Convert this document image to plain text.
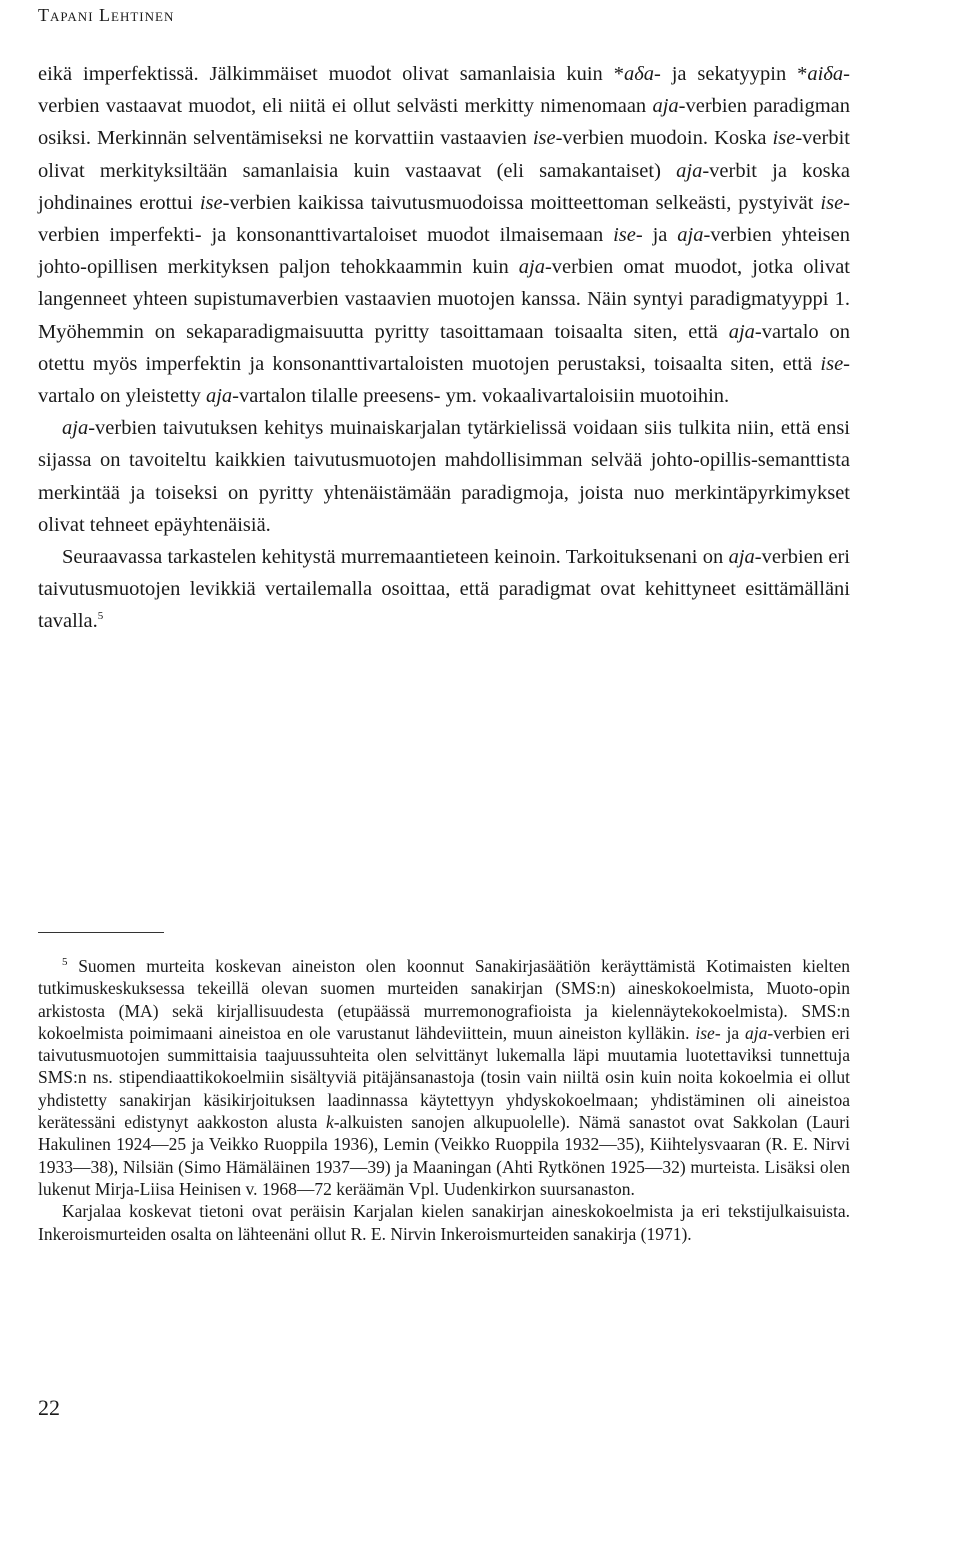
Tapani Lehtinen

eikä imperfektissä. Jälkimmäiset muodot olivat samanlaisia kuin *aδa- ja sekatyypin *aiδa-verbien vastaavat muodot, eli niitä ei ollut selvästi merkitty nimenomaan aja-verbien paradigman osiksi. Merkinnän selventämiseksi ne korvattiin vastaavien ise-verbien muodoin. Koska ise-verbit olivat merkityksiltään samanlaisia kuin vastaavat (eli samakantaiset) aja-verbit ja koska johdinaines erottui ise-verbien kaikissa taivutusmuodoissa moitteettoman selkeästi, pystyivät ise-verbien imperfekti- ja konsonanttivartaloiset muodot ilmaisemaan ise- ja aja-verbien yhteisen johto-opillisen merkityksen paljon tehokkaammin kuin aja-verbien omat muodot, jotka olivat langenneet yhteen supistumaverbien vastaavien muotojen kanssa. Näin syntyi paradigmatyyppi 1. Myöhemmin on sekaparadigmaisuutta pyritty tasoittamaan toisaalta siten, että aja-vartalo on otettu myös imperfektin ja konsonanttivartaloisten muotojen perustaksi, toisaalta siten, että ise-vartalo on yleistetty aja-vartalon tilalle preesens- ym. vokaalivartaloisiin muotoihin.

aja-verbien taivutuksen kehitys muinaiskarjalan tytärkielissä voidaan siis tulkita niin, että ensi sijassa on tavoiteltu kaikkien taivutusmuotojen mahdollisimman selvää johto-opillis-semanttista merkintää ja toiseksi on pyritty yhtenäistämään paradigmoja, joista nuo merkintäpyrkimykset olivat tehneet epäyhtenäisiä.

Seuraavassa tarkastelen kehitystä murremaantieteen keinoin. Tarkoituksenani on aja-verbien eri taivutusmuotojen levikkiä vertailemalla osoittaa, että paradigmat ovat kehittyneet esittämälläni tavalla.$^5$

$^5$ Suomen murteita koskevan aineiston olen koonnut Sanakirjasäätiön keräyttämistä Kotimaisten kielten tutkimuskeskuksessa tekeillä olevan suomen murteiden sanakirjan (SMS:n) aineskokoelmista, Muoto-opin arkistosta (MA) sekä kirjallisuudesta (etupäässä murremonografioista ja kielennäytekokoelmista). SMS:n kokoelmista poimimaani aineistoa en ole varustanut lähdeviittein, muun aineiston kylläkin. ise- ja aja-verbien eri taivutusmuotojen summittaisia taajuussuhteita olen selvittänyt lukemalla läpi muutamia luotettaviksi tunnettuja SMS:n ns. stipendiaattikokoelmiin sisältyviä pitäjänsanastoja (tosin vain niiltä osin kuin noita kokoelmia ei ollut yhdistetty sanakirjan käsikirjoituksen laadinnassa käytettyyn yhdyskokoelmaan; yhdistäminen oli aineistoa kerätessäni edistynyt aakkoston alusta k-alkuisten sanojen alkupuolelle). Nämä sanastot ovat Sakkolan (Lauri Hakulinen 1924—25 ja Veikko Ruoppila 1936), Lemin (Veikko Ruoppila 1932—35), Kiihtelysvaaran (R. E. Nirvi 1933—38), Nilsiän (Simo Hämäläinen 1937—39) ja Maaningan (Ahti Rytkönen 1925—32) murteista. Lisäksi olen lukenut Mirja-Liisa Heinisen v. 1968—72 keräämän Vpl. Uudenkirkon suursanaston.

Karjalaa koskevat tietoni ovat peräisin Karjalan kielen sanakirjan aineskokoelmista ja eri tekstijulkaisuista. Inkeroismurteiden osalta on lähteenäni ollut R. E. Nirvin Inkeroismurteiden sanakirja (1971).

22
